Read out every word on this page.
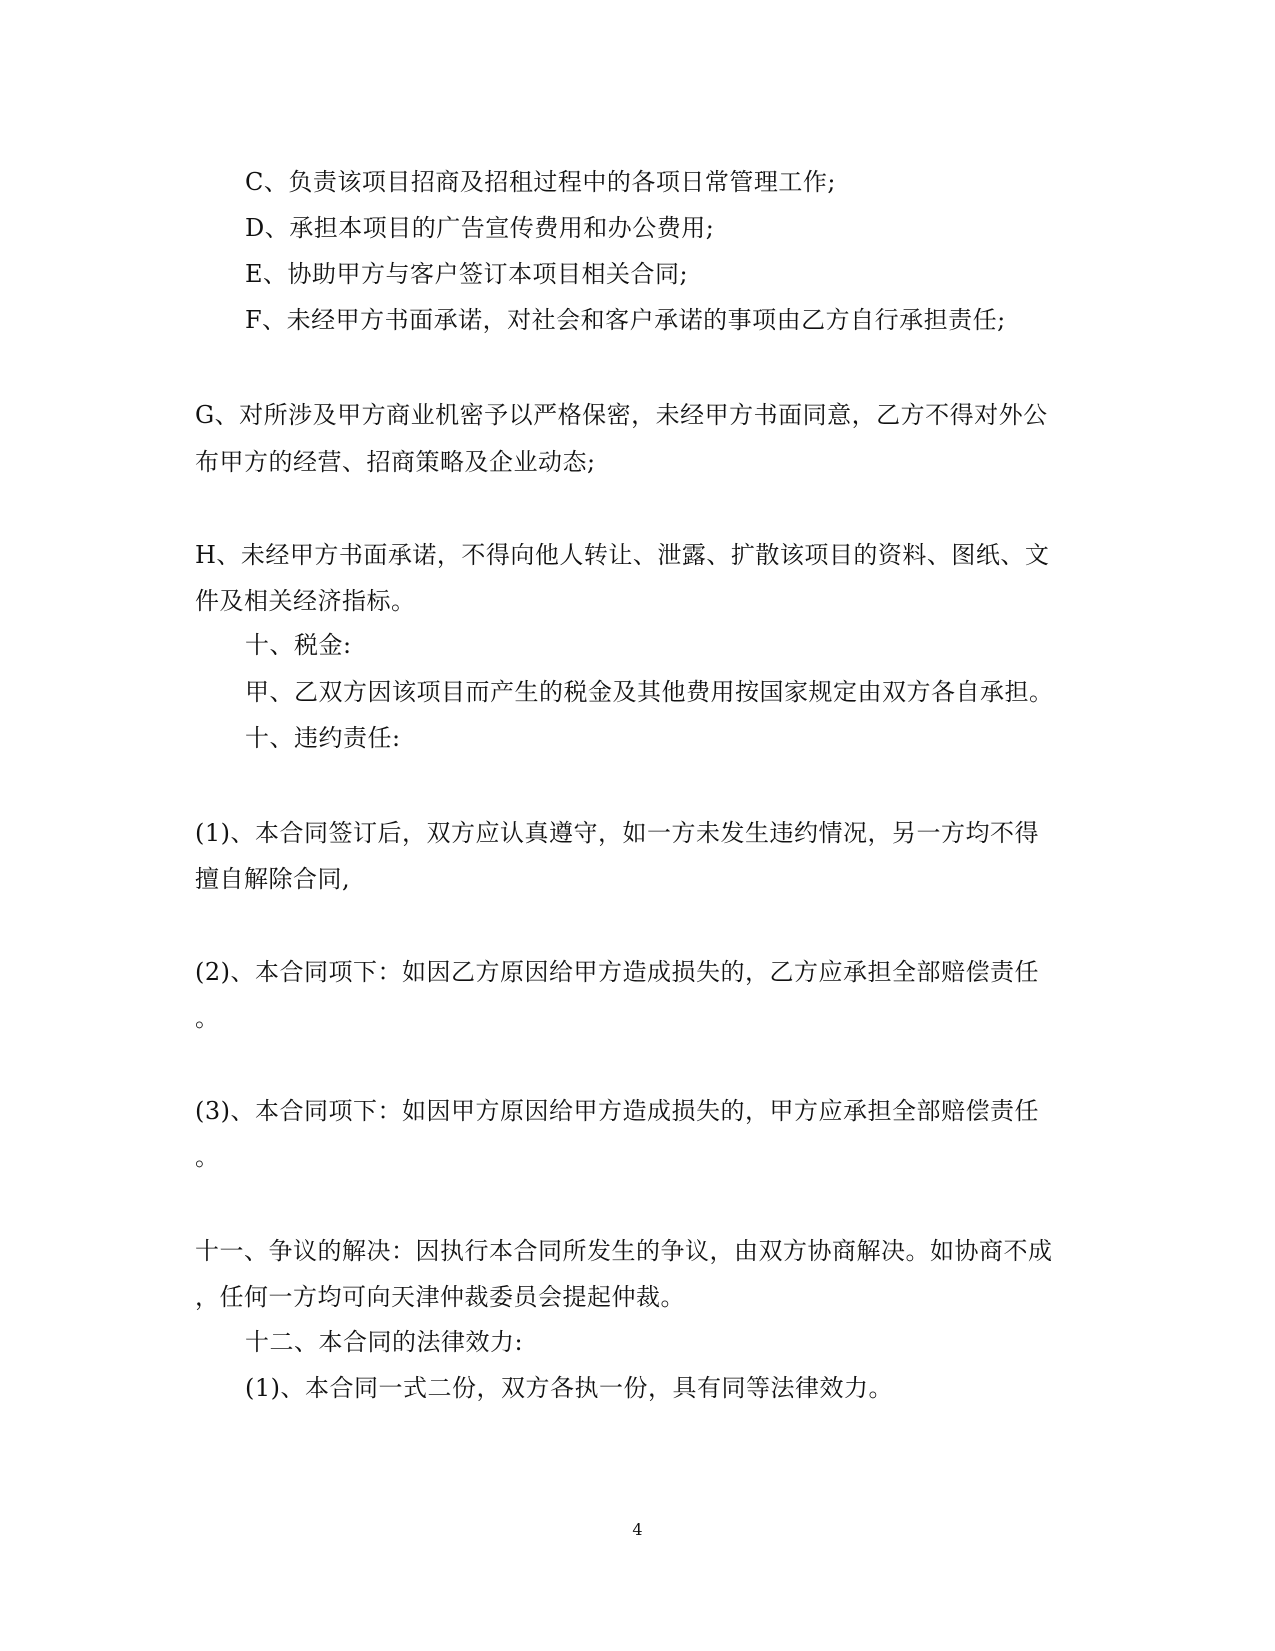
C、负责该项目招商及招租过程中的各项日常管理工作;
D、承担本项目的广告宣传费用和办公费用;
E、协助甲方与客户签订本项目相关合同;
F、未经甲方书面承诺，对社会和客户承诺的事项由乙方自行承担责任;
G、对所涉及甲方商业机密予以严格保密，未经甲方书面同意，乙方不得对外公
布甲方的经营、招商策略及企业动态;
H、未经甲方书面承诺，不得向他人转让、泄露、扩散该项目的资料、图纸、文
件及相关经济指标。
十、税金:
甲、乙双方因该项目而产生的税金及其他费用按国家规定由双方各自承担。
十、违约责任:
(1)、本合同签订后，双方应认真遵守，如一方未发生违约情况，另一方均不得
擅自解除合同,
(2)、本合同项下：如因乙方原因给甲方造成损失的，乙方应承担全部赔偿责任
。
(3)、本合同项下：如因甲方原因给甲方造成损失的，甲方应承担全部赔偿责任
。
十一、争议的解决：因执行本合同所发生的争议，由双方协商解决。如协商不成
，任何一方均可向天津仲裁委员会提起仲裁。
十二、本合同的法律效力:
(1)、本合同一式二份，双方各执一份，具有同等法律效力。
4
